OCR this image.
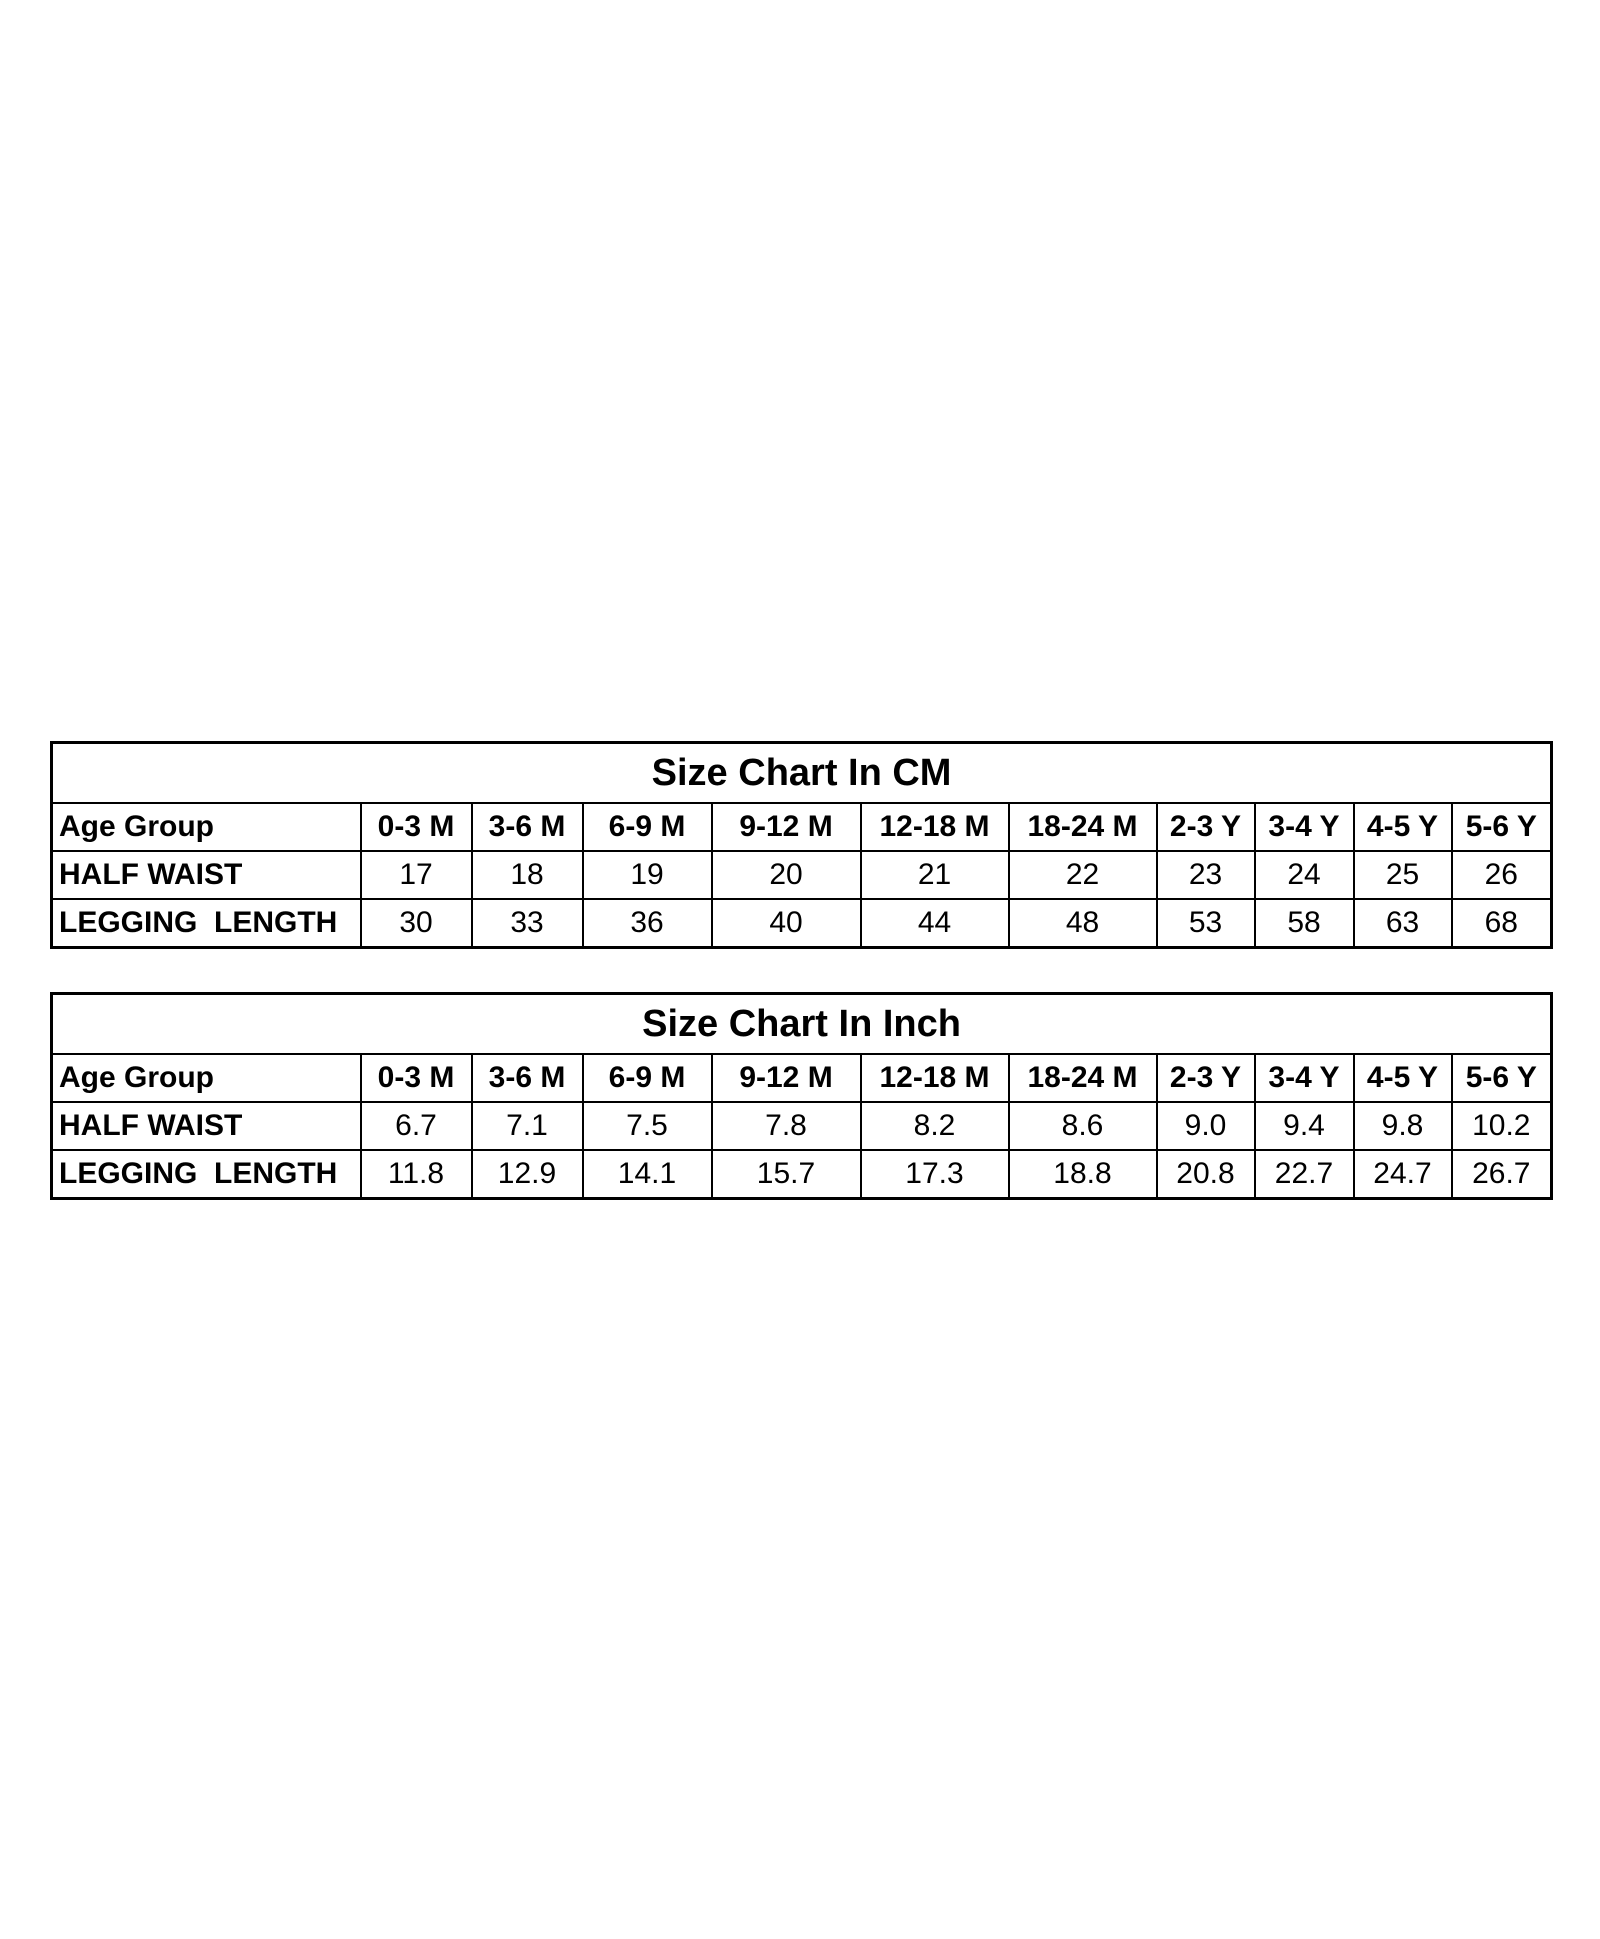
Size Chart In CM										
Age Group	0-3 M	3-6 M	6-9 M	9-12 M	12-18 M	18-24 M	2-3 Y	3-4 Y	4-5 Y	5-6 Y
HALF WAIST	17	18	19	20	21	22	23	24	25	26
LEGGING  LENGTH	30	33	36	40	44	48	53	58	63	68
Size Chart In Inch										
Age Group	0-3 M	3-6 M	6-9 M	9-12 M	12-18 M	18-24 M	2-3 Y	3-4 Y	4-5 Y	5-6 Y
HALF WAIST	6.7	7.1	7.5	7.8	8.2	8.6	9.0	9.4	9.8	10.2
LEGGING  LENGTH	11.8	12.9	14.1	15.7	17.3	18.8	20.8	22.7	24.7	26.7
